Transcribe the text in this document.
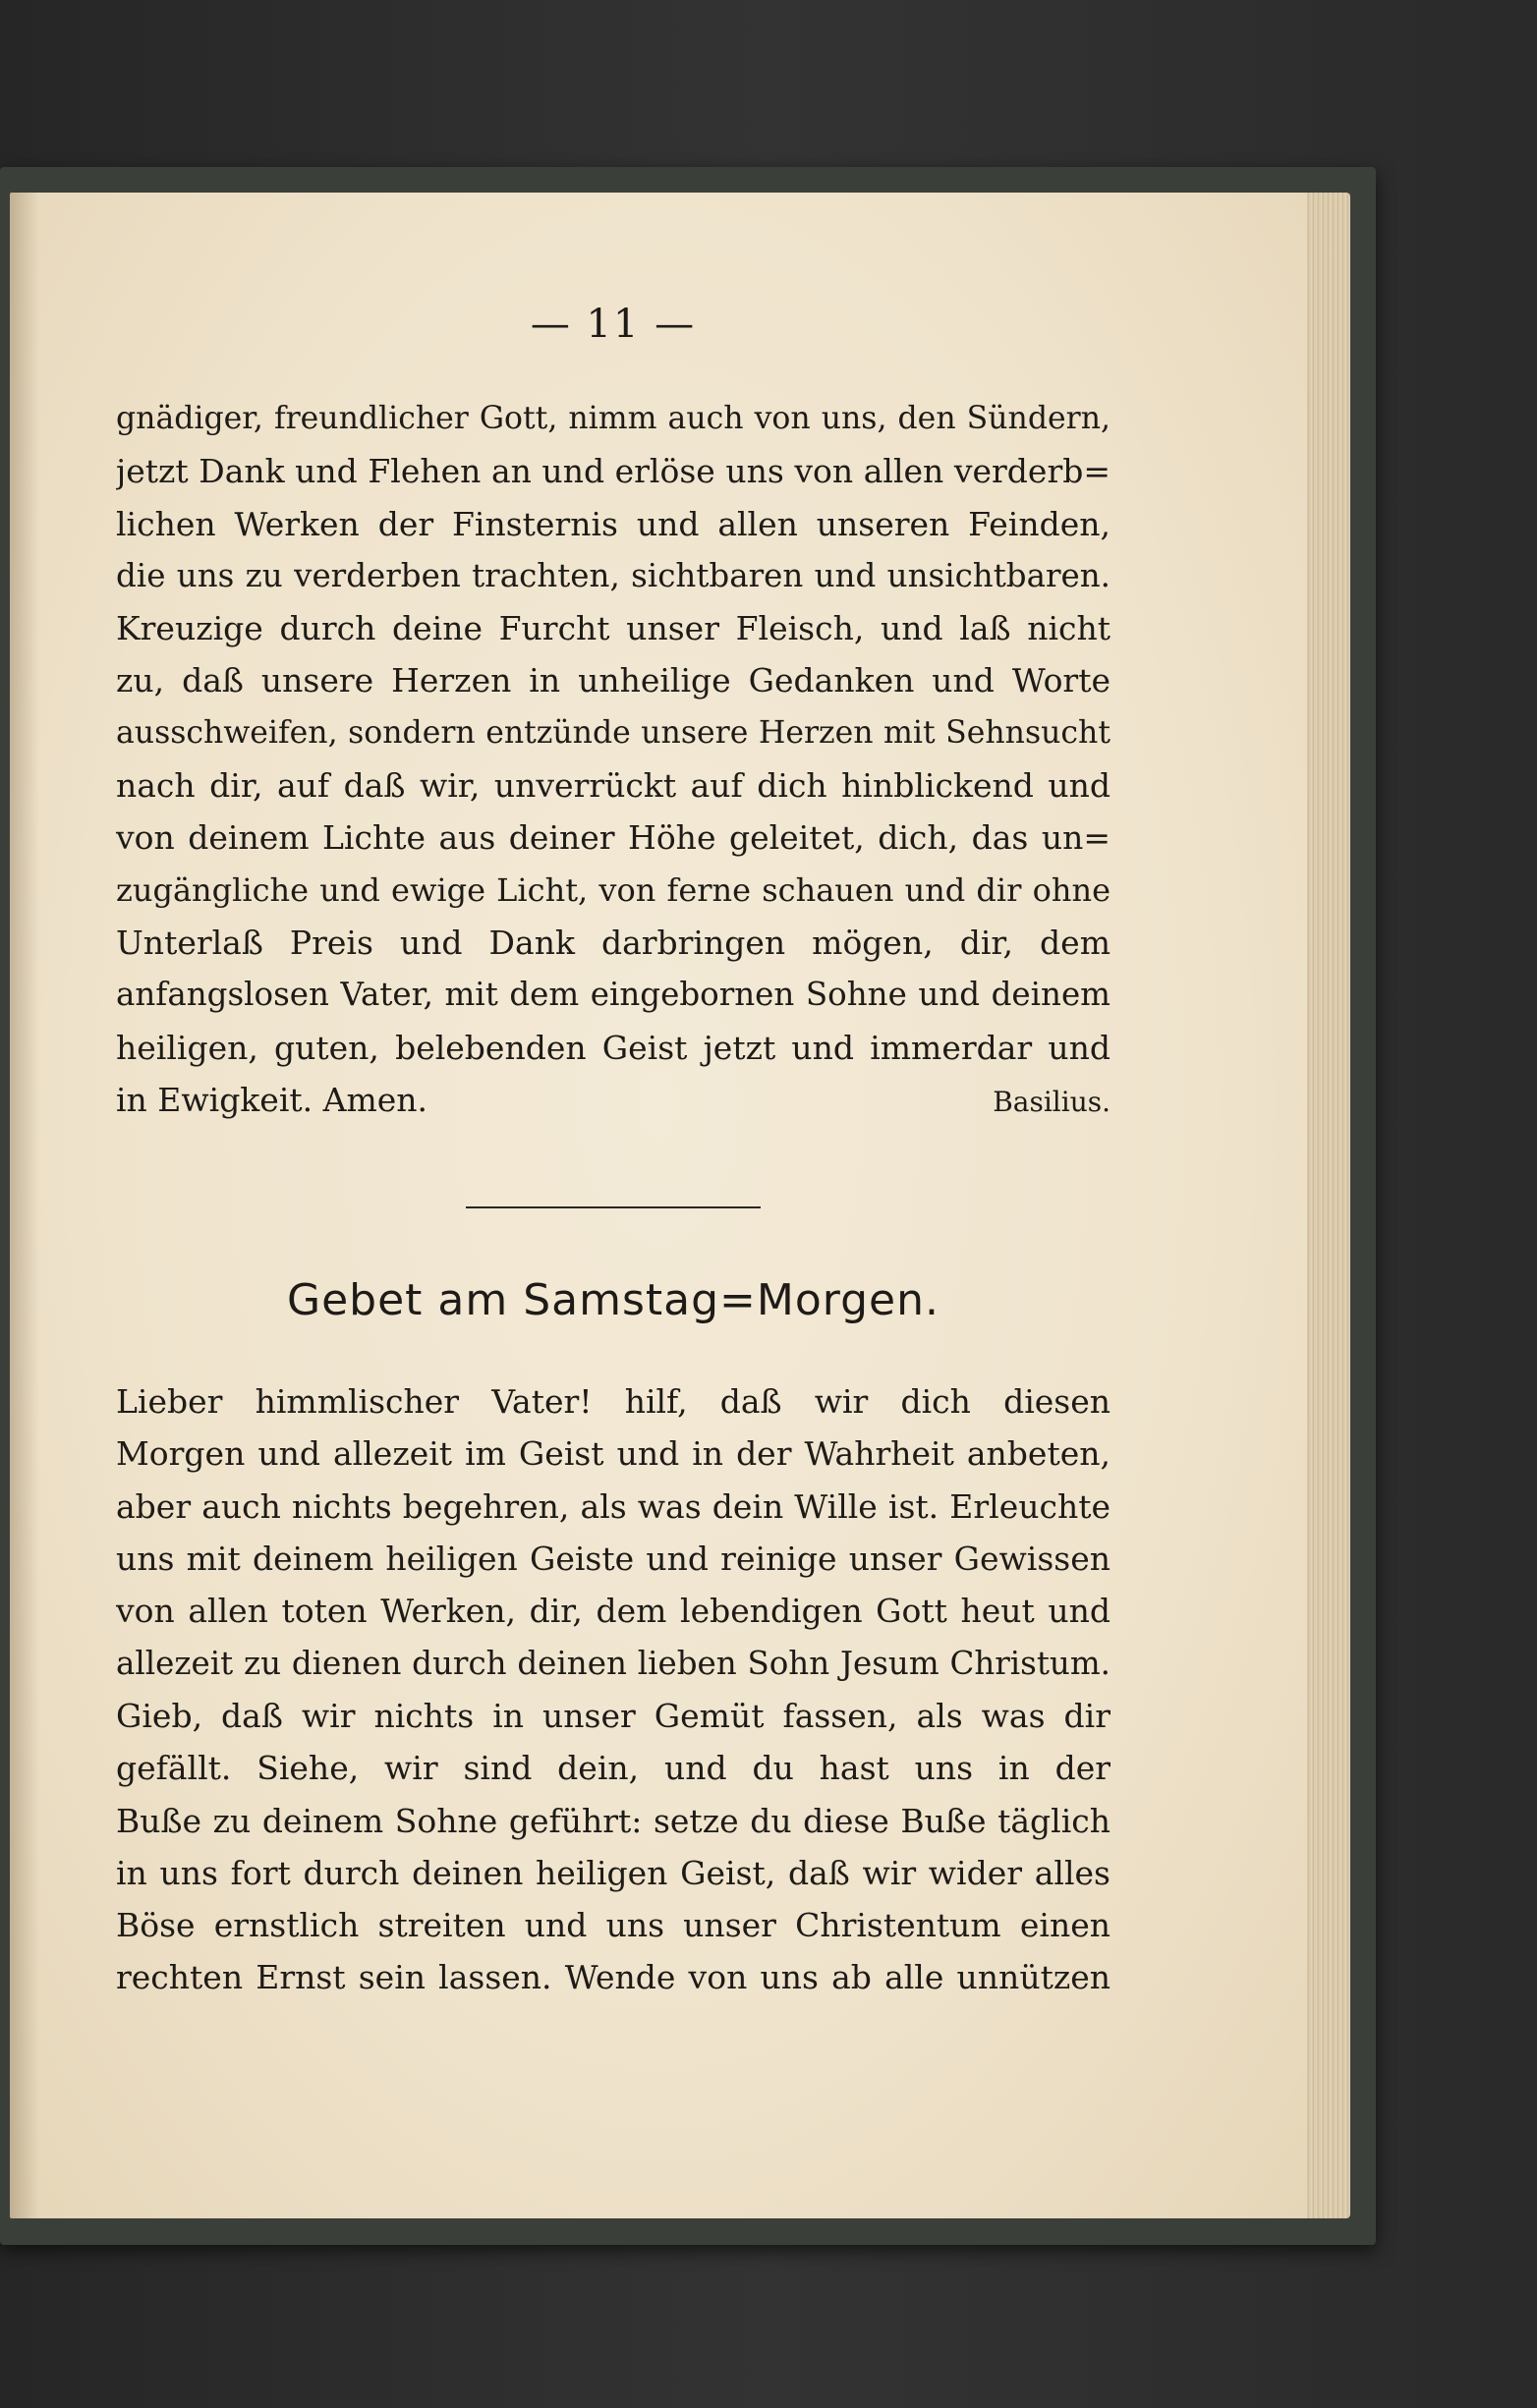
— 11 —
gnädiger, freundlicher Gott, nimm auch von uns, den Sündern,
jetzt Dank und Flehen an und erlöse uns von allen verderb=
lichen Werken der Finsternis und allen unseren Feinden,
die uns zu verderben trachten, sichtbaren und unsichtbaren.
Kreuzige durch deine Furcht unser Fleisch, und laß nicht
zu, daß unsere Herzen in unheilige Gedanken und Worte
ausschweifen, sondern entzünde unsere Herzen mit Sehnsucht
nach dir, auf daß wir, unverrückt auf dich hinblickend und
von deinem Lichte aus deiner Höhe geleitet, dich, das un=
zugängliche und ewige Licht, von ferne schauen und dir ohne
Unterlaß Preis und Dank darbringen mögen, dir, dem
anfangslosen Vater, mit dem eingebornen Sohne und deinem
heiligen, guten, belebenden Geist jetzt und immerdar und
in Ewigkeit. Amen.	Basilius.
Gebet am Samstag=Morgen.
Lieber himmlischer Vater! hilf, daß wir dich diesen
Morgen und allezeit im Geist und in der Wahrheit anbeten,
aber auch nichts begehren, als was dein Wille ist. Erleuchte
uns mit deinem heiligen Geiste und reinige unser Gewissen
von allen toten Werken, dir, dem lebendigen Gott heut und
allezeit zu dienen durch deinen lieben Sohn Jesum Christum.
Gieb, daß wir nichts in unser Gemüt fassen, als was dir
gefällt. Siehe, wir sind dein, und du hast uns in der
Buße zu deinem Sohne geführt: setze du diese Buße täglich
in uns fort durch deinen heiligen Geist, daß wir wider alles
Böse ernstlich streiten und uns unser Christentum einen
rechten Ernst sein lassen. Wende von uns ab alle unnützen
